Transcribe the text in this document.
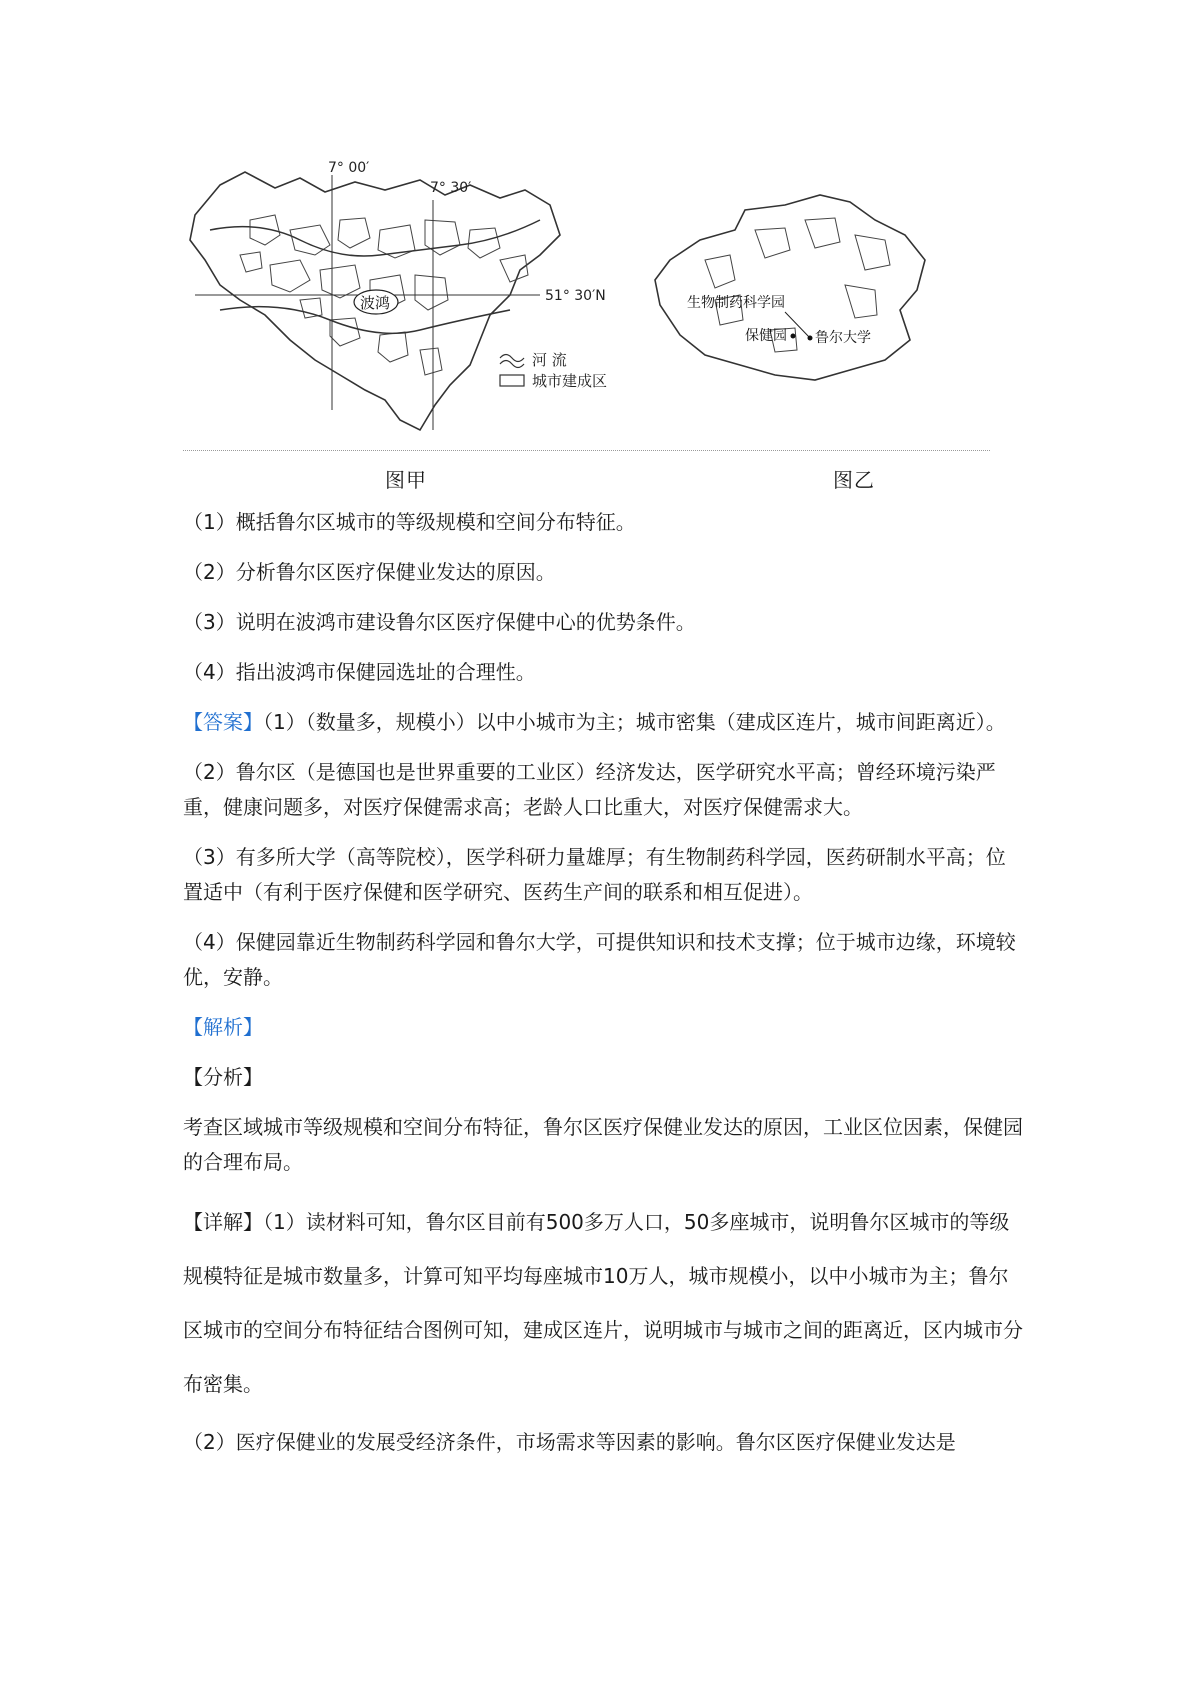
7° 00′
7° 30′
51° 30′N
波鸿
河 流
城市建成区
生物制药科学园
保健园 鲁尔大学
图甲	图乙

（1）概括鲁尔区城市的等级规模和空间分布特征。

（2）分析鲁尔区医疗保健业发达的原因。

（3）说明在波鸿市建设鲁尔区医疗保健中心的优势条件。

（4）指出波鸿市保健园选址的合理性。

【答案】（1）（数量多，规模小）以中小城市为主；城市密集（建成区连片，城市间距离近）。

（2）鲁尔区（是德国也是世界重要的工业区）经济发达，医学研究水平高；曾经环境污染严重，健康问题多，对医疗保健需求高；老龄人口比重大，对医疗保健需求大。

（3）有多所大学（高等院校），医学科研力量雄厚；有生物制药科学园，医药研制水平高；位置适中（有利于医疗保健和医学研究、医药生产间的联系和相互促进）。

（4）保健园靠近生物制药科学园和鲁尔大学，可提供知识和技术支撑；位于城市边缘，环境较优，安静。

【解析】

【分析】

考查区域城市等级规模和空间分布特征，鲁尔区医疗保健业发达的原因，工业区位因素，保健园的合理布局。

【详解】（1）读材料可知，鲁尔区目前有500多万人口，50多座城市，说明鲁尔区城市的等级规模特征是城市数量多，计算可知平均每座城市10万人，城市规模小，以中小城市为主；鲁尔区城市的空间分布特征结合图例可知，建成区连片，说明城市与城市之间的距离近，区内城市分布密集。

（2）医疗保健业的发展受经济条件，市场需求等因素的影响。鲁尔区医疗保健业发达是
